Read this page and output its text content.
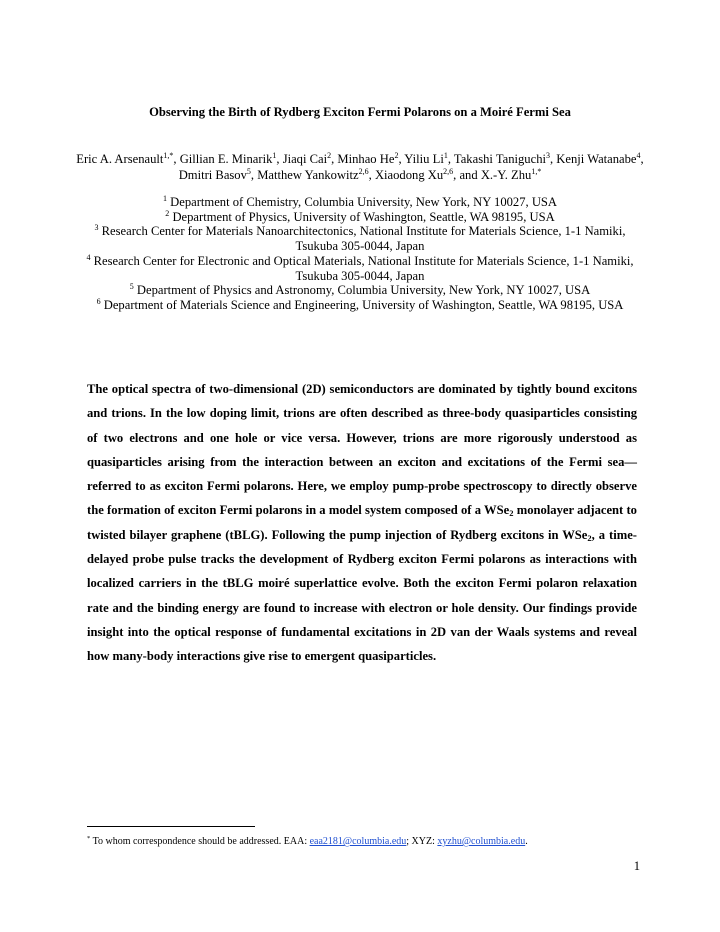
Observing the Birth of Rydberg Exciton Fermi Polarons on a Moiré Fermi Sea
Eric A. Arsenault$^{1,*}$, Gillian E. Minarik$^1$, Jiaqi Cai$^2$, Minhao He$^2$, Yiliu Li$^1$, Takashi Taniguchi$^3$, Kenji Watanabe$^4$, Dmitri Basov$^5$, Matthew Yankowitz$^{2,6}$, Xiaodong Xu$^{2,6}$, and X.-Y. Zhu$^{1,*}$
$^1$ Department of Chemistry, Columbia University, New York, NY 10027, USA
$^2$ Department of Physics, University of Washington, Seattle, WA 98195, USA
$^3$ Research Center for Materials Nanoarchitectonics, National Institute for Materials Science, 1-1 Namiki, Tsukuba 305-0044, Japan
$^4$ Research Center for Electronic and Optical Materials, National Institute for Materials Science, 1-1 Namiki, Tsukuba 305-0044, Japan
$^5$ Department of Physics and Astronomy, Columbia University, New York, NY 10027, USA
$^6$ Department of Materials Science and Engineering, University of Washington, Seattle, WA 98195, USA
The optical spectra of two-dimensional (2D) semiconductors are dominated by tightly bound excitons and trions. In the low doping limit, trions are often described as three-body quasiparticles consisting of two electrons and one hole or vice versa. However, trions are more rigorously understood as quasiparticles arising from the interaction between an exciton and excitations of the Fermi sea—referred to as exciton Fermi polarons. Here, we employ pump-probe spectroscopy to directly observe the formation of exciton Fermi polarons in a model system composed of a WSe$_2$ monolayer adjacent to twisted bilayer graphene (tBLG). Following the pump injection of Rydberg excitons in WSe$_2$, a time-delayed probe pulse tracks the development of Rydberg exciton Fermi polarons as interactions with localized carriers in the tBLG moiré superlattice evolve. Both the exciton Fermi polaron relaxation rate and the binding energy are found to increase with electron or hole density. Our findings provide insight into the optical response of fundamental excitations in 2D van der Waals systems and reveal how many-body interactions give rise to emergent quasiparticles.
* To whom correspondence should be addressed. EAA: eaa2181@columbia.edu; XYZ: xyzhu@columbia.edu.
1
